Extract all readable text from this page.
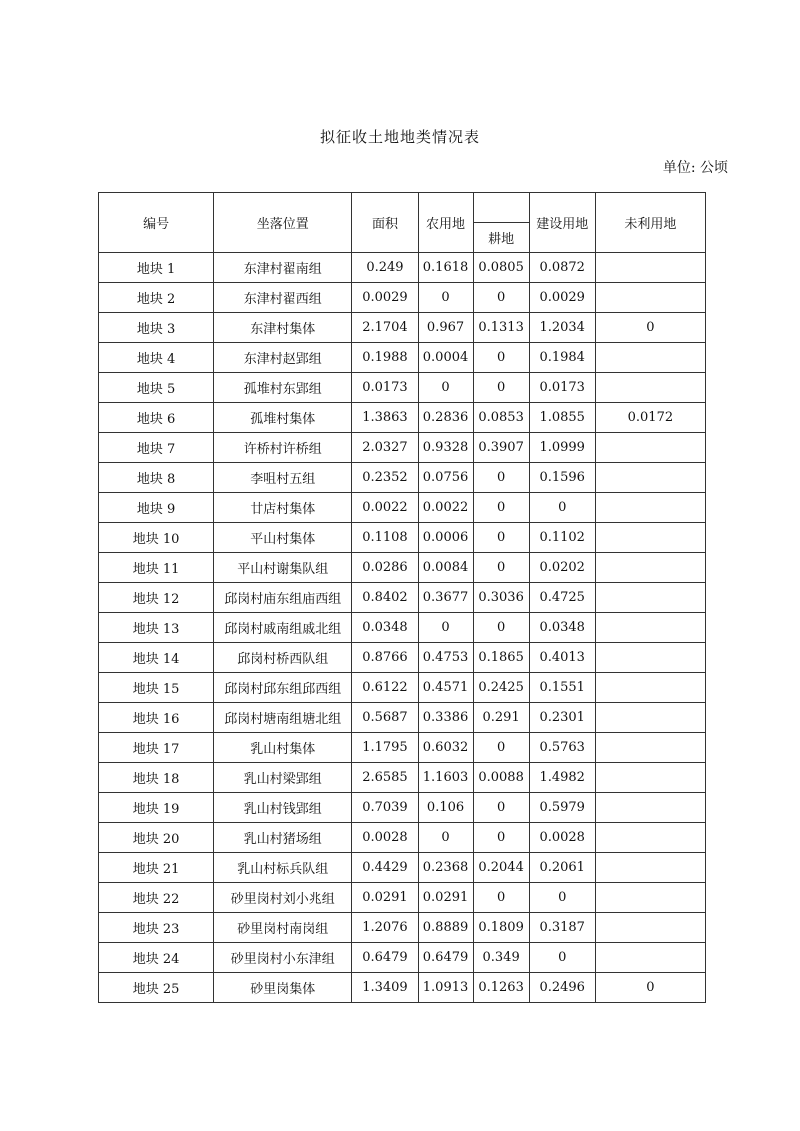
拟征收土地地类情况表
单位: 公顷
编号	坐落位置	面积	农用地		建设用地	未利用地
				耕地		
地块 1	东津村翟南组	0.249	0.1618	0.0805	0.0872	
地块 2	东津村翟西组	0.0029	0	0	0.0029	
地块 3	东津村集体	2.1704	0.967	0.1313	1.2034	0
地块 4	东津村赵郢组	0.1988	0.0004	0	0.1984	
地块 5	孤堆村东郢组	0.0173	0	0	0.0173	
地块 6	孤堆村集体	1.3863	0.2836	0.0853	1.0855	0.0172
地块 7	许桥村许桥组	2.0327	0.9328	0.3907	1.0999	
地块 8	李咀村五组	0.2352	0.0756	0	0.1596	
地块 9	廿店村集体	0.0022	0.0022	0	0	
地块 10	平山村集体	0.1108	0.0006	0	0.1102	
地块 11	平山村谢集队组	0.0286	0.0084	0	0.0202	
地块 12	邱岗村庙东组庙西组	0.8402	0.3677	0.3036	0.4725	
地块 13	邱岗村戚南组戚北组	0.0348	0	0	0.0348	
地块 14	邱岗村桥西队组	0.8766	0.4753	0.1865	0.4013	
地块 15	邱岗村邱东组邱西组	0.6122	0.4571	0.2425	0.1551	
地块 16	邱岗村塘南组塘北组	0.5687	0.3386	0.291	0.2301	
地块 17	乳山村集体	1.1795	0.6032	0	0.5763	
地块 18	乳山村梁郢组	2.6585	1.1603	0.0088	1.4982	
地块 19	乳山村钱郢组	0.7039	0.106	0	0.5979	
地块 20	乳山村猪场组	0.0028	0	0	0.0028	
地块 21	乳山村标兵队组	0.4429	0.2368	0.2044	0.2061	
地块 22	砂里岗村刘小兆组	0.0291	0.0291	0	0	
地块 23	砂里岗村南岗组	1.2076	0.8889	0.1809	0.3187	
地块 24	砂里岗村小东津组	0.6479	0.6479	0.349	0	
地块 25	砂里岗集体	1.3409	1.0913	0.1263	0.2496	0
